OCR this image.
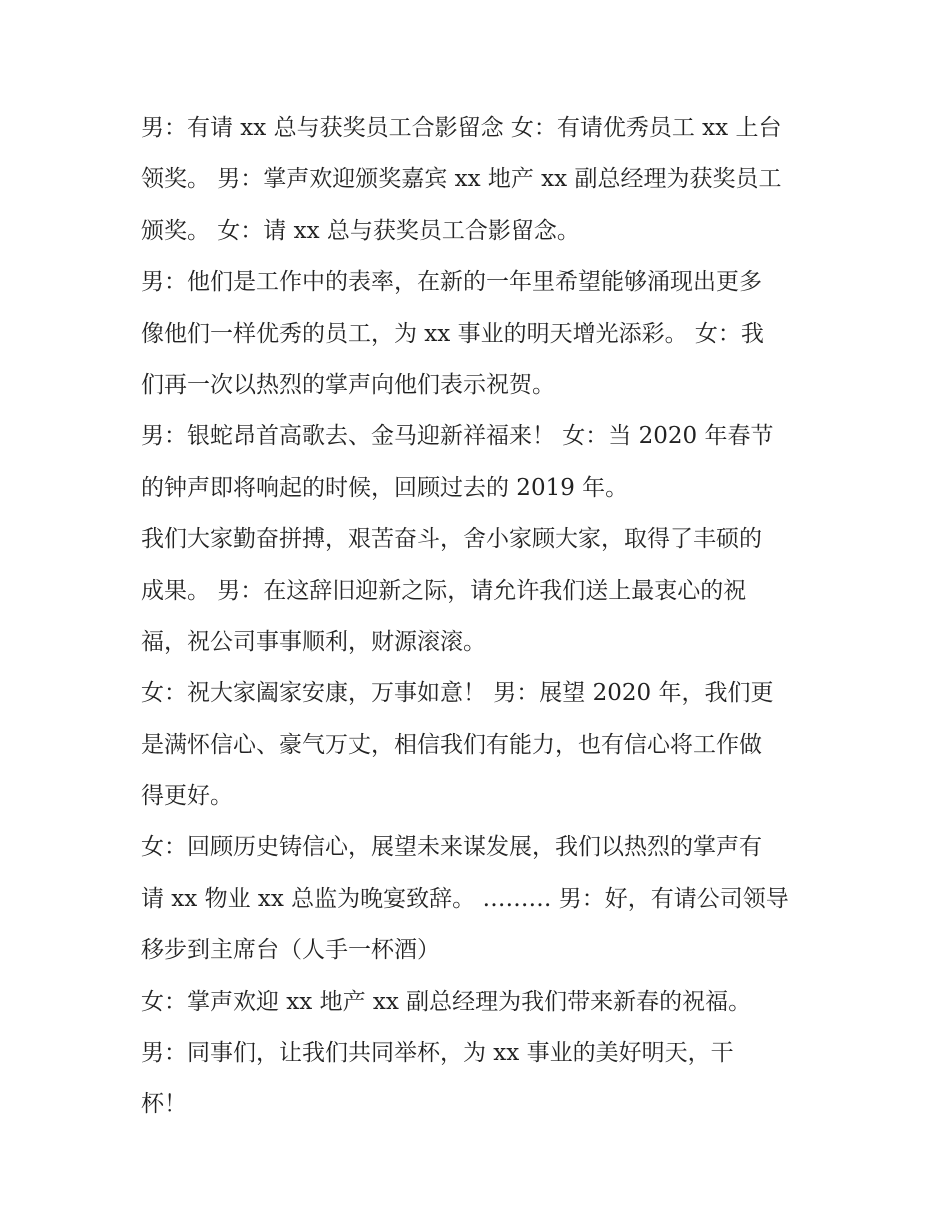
男：有请 xx 总与获奖员工合影留念 女：有请优秀员工 xx 上台
领奖。 男：掌声欢迎颁奖嘉宾 xx 地产 xx 副总经理为获奖员工
颁奖。 女：请 xx 总与获奖员工合影留念。
男：他们是工作中的表率，在新的一年里希望能够涌现出更多
像他们一样优秀的员工，为 xx 事业的明天增光添彩。 女：我
们再一次以热烈的掌声向他们表示祝贺。
男：银蛇昂首高歌去、金马迎新祥福来！ 女：当 2020 年春节
的钟声即将响起的时候，回顾过去的 2019 年。
我们大家勤奋拼搏，艰苦奋斗，舍小家顾大家，取得了丰硕的
成果。 男：在这辞旧迎新之际，请允许我们送上最衷心的祝
福，祝公司事事顺利，财源滚滚。
女：祝大家阖家安康，万事如意！ 男：展望 2020 年，我们更
是满怀信心、豪气万丈，相信我们有能力，也有信心将工作做
得更好。
女：回顾历史铸信心，展望未来谋发展，我们以热烈的掌声有
请 xx 物业 xx 总监为晚宴致辞。 ……… 男：好，有请公司领导
移步到主席台（人手一杯酒）
女：掌声欢迎 xx 地产 xx 副总经理为我们带来新春的祝福。
男：同事们，让我们共同举杯，为 xx 事业的美好明天，干
杯！
